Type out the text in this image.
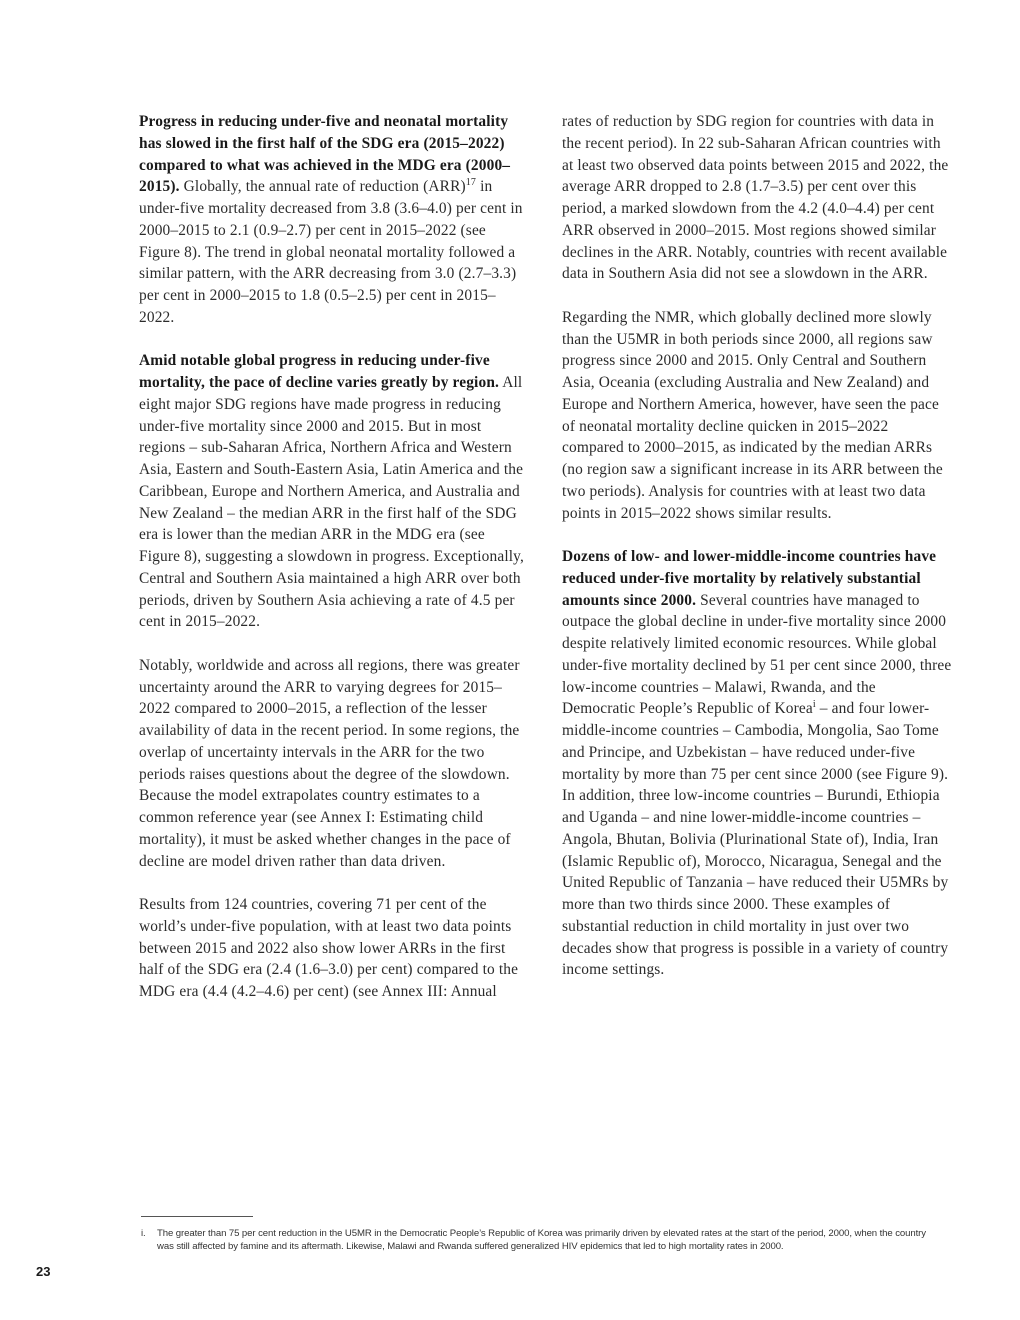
Progress in reducing under-five and neonatal mortality has slowed in the first half of the SDG era (2015–2022) compared to what was achieved in the MDG era (2000–2015). Globally, the annual rate of reduction (ARR)$^{17}$ in under-five mortality decreased from 3.8 (3.6–4.0) per cent in 2000–2015 to 2.1 (0.9–2.7) per cent in 2015–2022 (see Figure 8). The trend in global neonatal mortality followed a similar pattern, with the ARR decreasing from 3.0 (2.7–3.3) per cent in 2000–2015 to 1.8 (0.5–2.5) per cent in 2015–2022.

Amid notable global progress in reducing under-five mortality, the pace of decline varies greatly by region. All eight major SDG regions have made progress in reducing under-five mortality since 2000 and 2015. But in most regions – sub-Saharan Africa, Northern Africa and Western Asia, Eastern and South-Eastern Asia, Latin America and the Caribbean, Europe and Northern America, and Australia and New Zealand – the median ARR in the first half of the SDG era is lower than the median ARR in the MDG era (see Figure 8), suggesting a slowdown in progress. Exceptionally, Central and Southern Asia maintained a high ARR over both periods, driven by Southern Asia achieving a rate of 4.5 per cent in 2015–2022.

Notably, worldwide and across all regions, there was greater uncertainty around the ARR to varying degrees for 2015–2022 compared to 2000–2015, a reflection of the lesser availability of data in the recent period. In some regions, the overlap of uncertainty intervals in the ARR for the two periods raises questions about the degree of the slowdown. Because the model extrapolates country estimates to a common reference year (see Annex I: Estimating child mortality), it must be asked whether changes in the pace of decline are model driven rather than data driven.

Results from 124 countries, covering 71 per cent of the world’s under-five population, with at least two data points between 2015 and 2022 also show lower ARRs in the first half of the SDG era (2.4 (1.6–3.0) per cent) compared to the MDG era (4.4 (4.2–4.6) per cent) (see Annex III: Annual

rates of reduction by SDG region for countries with data in the recent period). In 22 sub-Saharan African countries with at least two observed data points between 2015 and 2022, the average ARR dropped to 2.8 (1.7–3.5) per cent over this period, a marked slowdown from the 4.2 (4.0–4.4) per cent ARR observed in 2000–2015. Most regions showed similar declines in the ARR. Notably, countries with recent available data in Southern Asia did not see a slowdown in the ARR.

Regarding the NMR, which globally declined more slowly than the U5MR in both periods since 2000, all regions saw progress since 2000 and 2015. Only Central and Southern Asia, Oceania (excluding Australia and New Zealand) and Europe and Northern America, however, have seen the pace of neonatal mortality decline quicken in 2015–2022 compared to 2000–2015, as indicated by the median ARRs (no region saw a significant increase in its ARR between the two periods). Analysis for countries with at least two data points in 2015–2022 shows similar results.

Dozens of low- and lower-middle-income countries have reduced under-five mortality by relatively substantial amounts since 2000. Several countries have managed to outpace the global decline in under-five mortality since 2000 despite relatively limited economic resources. While global under-five mortality declined by 51 per cent since 2000, three low-income countries – Malawi, Rwanda, and the Democratic People’s Republic of Korea$^i$ – and four lower-middle-income countries – Cambodia, Mongolia, Sao Tome and Principe, and Uzbekistan – have reduced under-five mortality by more than 75 per cent since 2000 (see Figure 9). In addition, three low-income countries – Burundi, Ethiopia and Uganda – and nine lower-middle-income countries – Angola, Bhutan, Bolivia (Plurinational State of), India, Iran (Islamic Republic of), Morocco, Nicaragua, Senegal and the United Republic of Tanzania – have reduced their U5MRs by more than two thirds since 2000. These examples of substantial reduction in child mortality in just over two decades show that progress is possible in a variety of country income settings.

i. The greater than 75 per cent reduction in the U5MR in the Democratic People’s Republic of Korea was primarily driven by elevated rates at the start of the period, 2000, when the country was still affected by famine and its aftermath. Likewise, Malawi and Rwanda suffered generalized HIV epidemics that led to high mortality rates in 2000.
23
